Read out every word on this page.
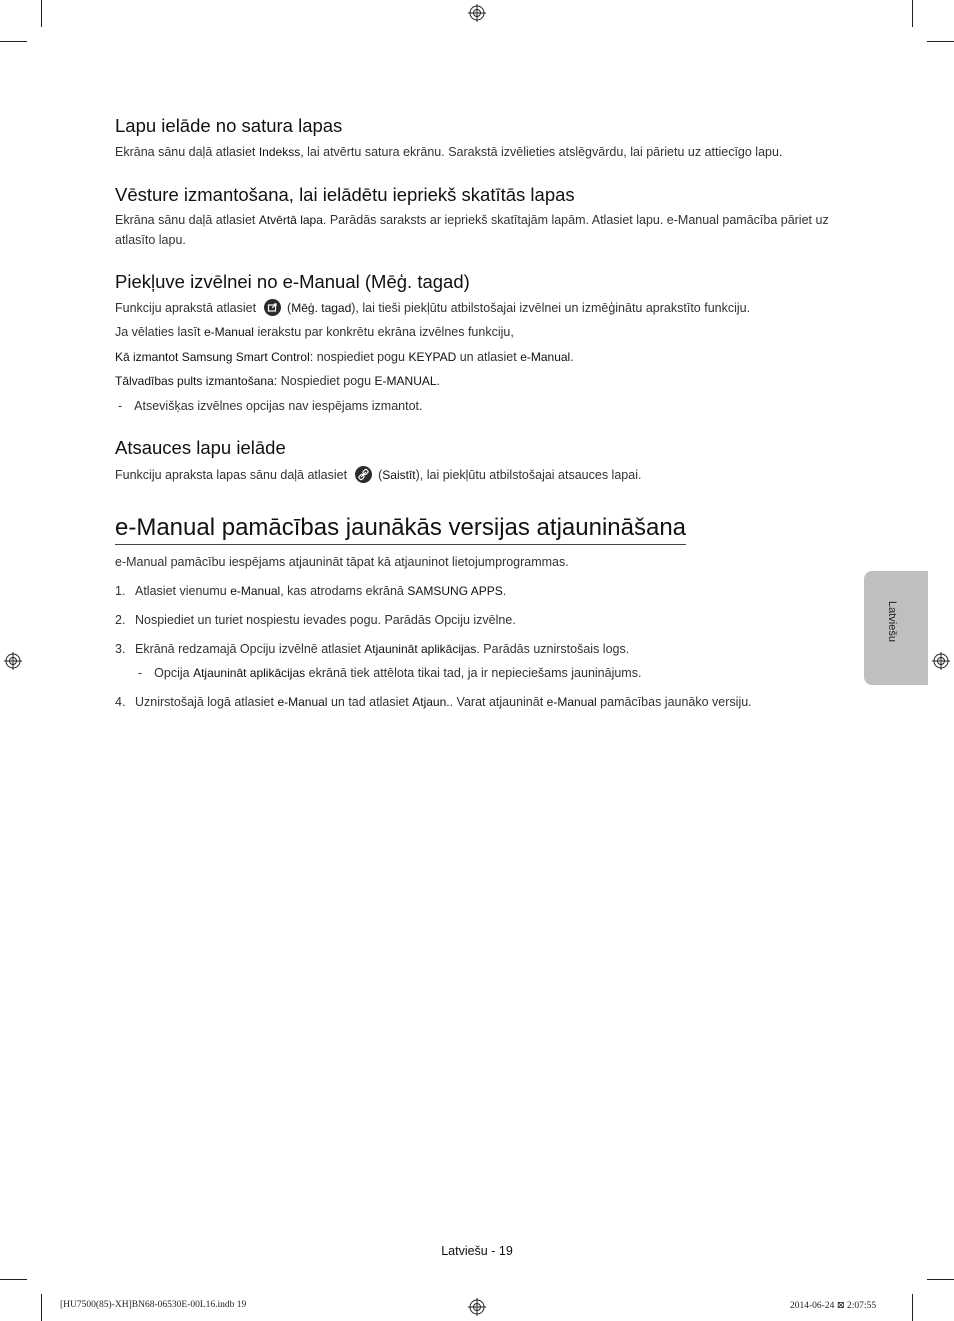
Lapu ielāde no satura lapas
Ekrāna sānu daļā atlasiet Indekss, lai atvērtu satura ekrānu. Sarakstā izvēlieties atslēgvārdu, lai pārietu uz attiecīgo lapu.
Vēsture izmantošana, lai ielādētu iepriekš skatītās lapas
Ekrāna sānu daļā atlasiet Atvērtā lapa. Parādās saraksts ar iepriekš skatītajām lapām. Atlasiet lapu. e-Manual pamācība pāriet uz atlasīto lapu.
Piekļuve izvēlnei no e-Manual (Mēģ. tagad)
Funkciju aprakstā atlasiet (Mēģ. tagad), lai tieši piekļūtu atbilstošajai izvēlnei un izmēģinātu aprakstīto funkciju.
Ja vēlaties lasīt e-Manual ierakstu par konkrētu ekrāna izvēlnes funkciju,
Kā izmantot Samsung Smart Control: nospiediet pogu KEYPAD un atlasiet e-Manual.
Tālvadības pults izmantošana: Nospiediet pogu E-MANUAL.
- Atsevišķas izvēlnes opcijas nav iespējams izmantot.
Atsauces lapu ielāde
Funkciju apraksta lapas sānu daļā atlasiet (Saistīt), lai piekļūtu atbilstošajai atsauces lapai.
e-Manual pamācības jaunākās versijas atjaunināšana
e-Manual pamācību iespējams atjaunināt tāpat kā atjauninot lietojumprogrammas.
1. Atlasiet vienumu e-Manual, kas atrodams ekrānā SAMSUNG APPS.
2. Nospiediet un turiet nospiestu ievades pogu. Parādās Opciju izvēlne.
3. Ekrānā redzamajā Opciju izvēlnē atlasiet Atjaunināt aplikācijas. Parādās uznirstošais logs.
- Opcija Atjaunināt aplikācijas ekrānā tiek attēlota tikai tad, ja ir nepieciešams jauninājums.
4. Uznirstošajā logā atlasiet e-Manual un tad atlasiet Atjaun.. Varat atjaunināt e-Manual pamācības jaunāko versiju.
Latviešu
Latviešu - 19
[HU7500(85)-XH]BN68-06530E-00L16.indb 19	2014-06-24 ⊠ 2:07:55
